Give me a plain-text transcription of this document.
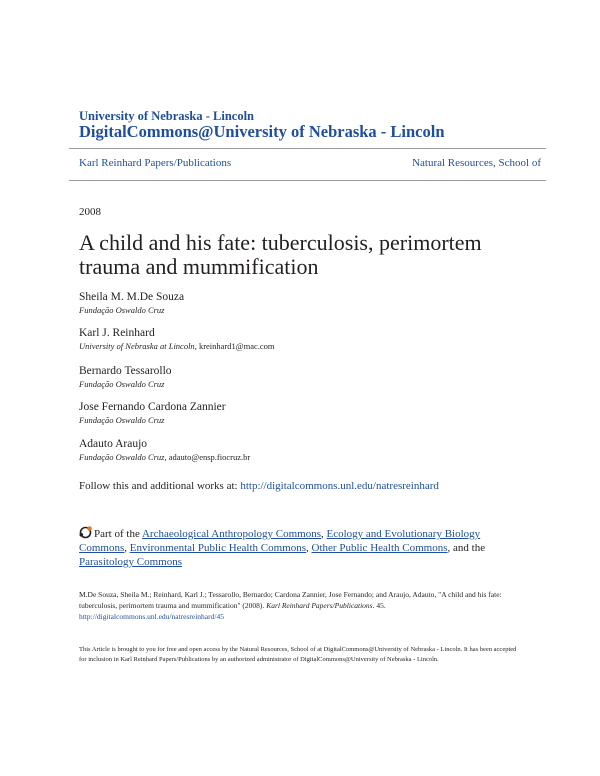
University of Nebraska - Lincoln
DigitalCommons@University of Nebraska - Lincoln
Karl Reinhard Papers/Publications	Natural Resources, School of
2008
A child and his fate: tuberculosis, perimortem trauma and mummification
Sheila M. M.De Souza
Fundação Oswaldo Cruz
Karl J. Reinhard
University of Nebraska at Lincoln, kreinhard1@mac.com
Bernardo Tessarollo
Fundação Oswaldo Cruz
Jose Fernando Cardona Zannier
Fundação Oswaldo Cruz
Adauto Araujo
Fundação Oswaldo Cruz, adauto@ensp.fiocruz.br
Follow this and additional works at: http://digitalcommons.unl.edu/natresreinhard
Part of the Archaeological Anthropology Commons, Ecology and Evolutionary Biology Commons, Environmental Public Health Commons, Other Public Health Commons, and the Parasitology Commons
M.De Souza, Sheila M.; Reinhard, Karl J.; Tessarollo, Bernardo; Cardona Zannier, Jose Fernando; and Araujo, Adauto, "A child and his fate: tuberculosis, perimortem trauma and mummification" (2008). Karl Reinhard Papers/Publications. 45.
http://digitalcommons.unl.edu/natresreinhard/45
This Article is brought to you for free and open access by the Natural Resources, School of at DigitalCommons@University of Nebraska - Lincoln. It has been accepted for inclusion in Karl Reinhard Papers/Publications by an authorized administrator of DigitalCommons@University of Nebraska - Lincoln.
